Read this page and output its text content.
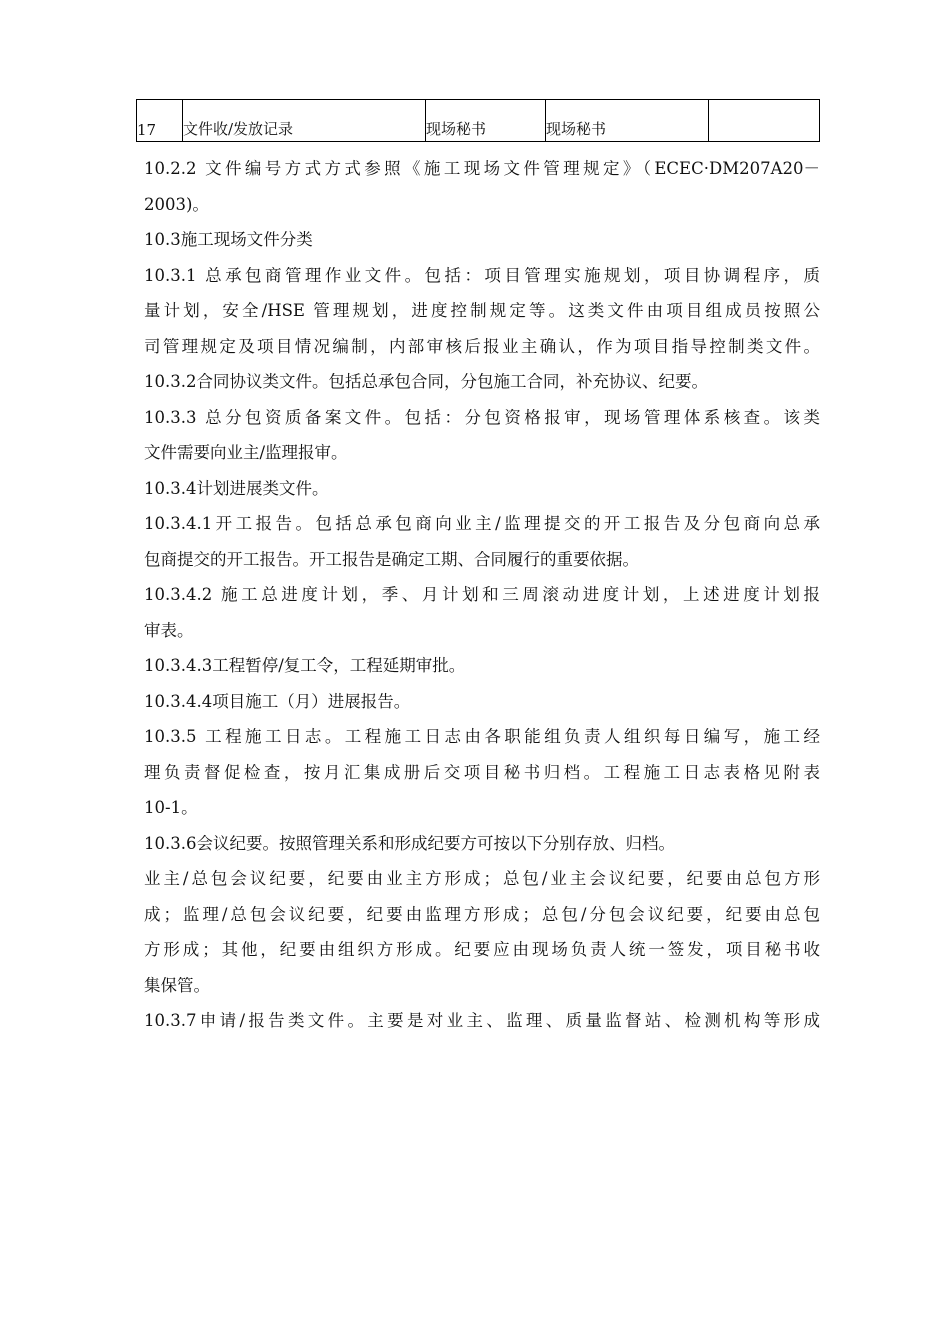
17	文件收/发放记录	现场秘书	现场秘书	
10.2.2 文件编号方式方式参照《施工现场文件管理规定》（ECEC·DM207A20－
2003)。
10.3施工现场文件分类
10.3.1 总承包商管理作业文件。包括：项目管理实施规划，项目协调程序，质
量计划，安全/HSE 管理规划，进度控制规定等。这类文件由项目组成员按照公
司管理规定及项目情况编制，内部审核后报业主确认，作为项目指导控制类文件。
10.3.2合同协议类文件。包括总承包合同，分包施工合同，补充协议、纪要。
10.3.3 总分包资质备案文件。包括：分包资格报审，现场管理体系核查。该类
文件需要向业主/监理报审。
10.3.4计划进展类文件。
10.3.4.1开工报告。包括总承包商向业主/监理提交的开工报告及分包商向总承
包商提交的开工报告。开工报告是确定工期、合同履行的重要依据。
10.3.4.2 施工总进度计划，季、月计划和三周滚动进度计划，上述进度计划报
审表。
10.3.4.3工程暂停/复工令，工程延期审批。
10.3.4.4项目施工（月）进展报告。
10.3.5 工程施工日志。工程施工日志由各职能组负责人组织每日编写，施工经
理负责督促检查，按月汇集成册后交项目秘书归档。工程施工日志表格见附表
10-1。
10.3.6会议纪要。按照管理关系和形成纪要方可按以下分别存放、归档。
业主/总包会议纪要，纪要由业主方形成；总包/业主会议纪要，纪要由总包方形
成；监理/总包会议纪要，纪要由监理方形成；总包/分包会议纪要，纪要由总包
方形成；其他，纪要由组织方形成。纪要应由现场负责人统一签发，项目秘书收
集保管。
10.3.7申请/报告类文件。主要是对业主、监理、质量监督站、检测机构等形成
